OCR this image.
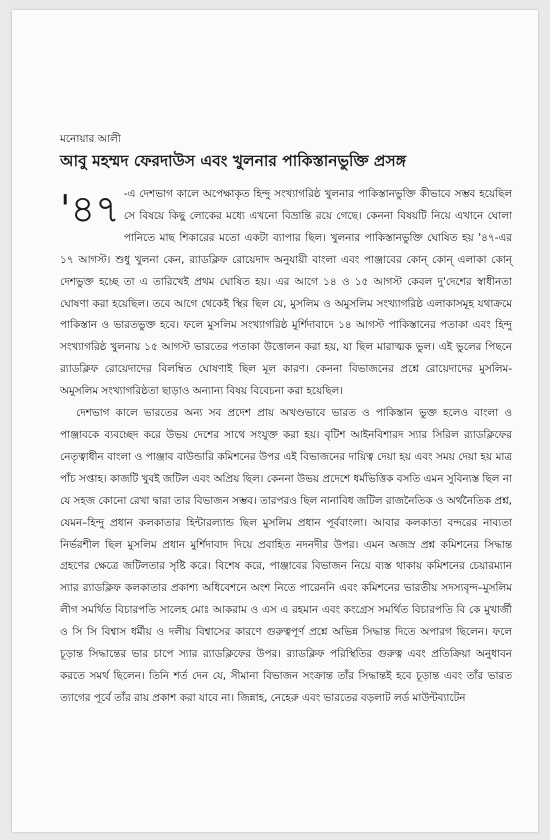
মনোয়ার আলী
আবু মহম্মদ ফেরদাউস এবং খুলনার পাকিস্তানভুক্তি প্রসঙ্গ

'৪৭ -এ দেশভাগ কালে অপেক্ষাকৃত হিন্দু সংখ্যাগরিষ্ঠ খুলনার পাকিস্তানভুক্তি কীভাবে সম্ভব হয়েছিল সে বিষয়ে কিছু লোকের মধ্যে এখনো বিভ্রান্তি রয়ে গেছে। কেননা বিষয়টি নিয়ে এখানে ঘোলা পানিতে মাছ শিকারের মতো একটা ব্যাপার ছিল। খুলনার পাকিস্তানভুক্তি ঘোষিত হয় '৪৭-এর ১৭ আগস্ট। শুধু খুলনা কেন, র‍্যাডক্লিফ রোয়েদাদ অনুযায়ী বাংলা এবং পাঞ্জাবের কোন্ কোন্ এলাকা কোন্ দেশভুক্ত হচ্ছে তা এ তারিখেই প্রথম ঘোষিত হয়। এর আগে ১৪ ও ১৫ আগস্ট কেবল দু'দেশের স্বাধীনতা ঘোষণা করা হয়েছিল। তবে আগে থেকেই স্থির ছিল যে, মুসলিম ও অমুসলিম সংখ্যাগরিষ্ঠ এলাকাসমূহ যথাক্রমে পাকিস্তান ও ভারতভুক্ত হবে। ফলে মুসলিম সংখ্যাগরিষ্ঠ মুর্শিদাবাদে ১৪ আগস্ট পাকিস্তানের পতাকা এবং হিন্দু সংখ্যাগরিষ্ঠ খুলনায় ১৫ আগস্ট ভারতের পতাকা উত্তোলন করা হয়, যা ছিল মারাত্মক ভুল। এই ভুলের পিছনে র‍্যাডক্লিফ রোয়েদাদের বিলম্বিত ঘোষণাই ছিল মূল কারণ। কেননা বিভাজনের প্রশ্নে রোয়েদাদের মুসলিম-অমুসলিম সংখ্যাগরিষ্ঠতা ছাড়াও অন্যান্য বিষয় বিবেচনা করা হয়েছিল।

দেশভাগ কালে ভারতের অন্য সব প্রদেশ প্রায় অখণ্ডভাবে ভারত ও পাকিস্তান ভুক্ত হলেও বাংলা ও পাঞ্জাবকে ব্যবচ্ছেদ করে উভয় দেশের সাথে সংযুক্ত করা হয়। বৃটিশ আইনবিশারদ স্যার সিরিল র‍্যাডক্লিফের নেতৃত্বাধীন বাংলা ও পাঞ্জাব বাউন্ডারি কমিশনের উপর এই বিভাজনের দায়িত্ব দেয়া হয় এবং সময় দেয়া হয় মাত্র পাঁচ সপ্তাহ। কাজটি খুবই জটিল এবং অপ্রিয় ছিল। কেননা উভয় প্রদেশে ধর্মভিত্তিক বসতি এমন সুবিন্যস্ত ছিল না যে সহজ কোনো রেখা দ্বারা তার বিভাজন সম্ভব। তারপরও ছিল নানাবিধ জটিল রাজনৈতিক ও অর্থনৈতিক প্রশ্ন, যেমন–হিন্দু প্রধান কলকাতার হিন্টারল্যান্ড ছিল মুসলিম প্রধান পূর্ববাংলা। আবার কলকাতা বন্দরের নাব্যতা নির্ভরশীল ছিল মুসলিম প্রধান মুর্শিদাবাদ দিয়ে প্রবাহিত নদনদীর উপর। এমন অজস্র প্রশ্ন কমিশনের সিদ্ধান্ত গ্রহণের ক্ষেত্রে জটিলতার সৃষ্টি করে। বিশেষ করে, পাঞ্জাবের বিভাজন নিয়ে ব্যস্ত থাকায় কমিশনের চেয়ারম্যান স্যার র‍্যাডক্লিফ কলকাতার প্রকাশ্য অধিবেশনে অংশ নিতে পারেননি এবং কমিশনের ভারতীয় সদস্যবৃন্দ–মুসলিম লীগ সমর্থিত বিচারপতি সালেহ মোঃ আকরাম ও এস এ রহমান এবং কংগ্রেস সমর্থিত বিচারপতি বি কে মুখার্জী ও সি সি বিশ্বাস ধর্মীয় ও দলীয় বিশ্বাসের কারণে গুরুত্বপূর্ণ প্রশ্নে অভিন্ন সিদ্ধান্ত দিতে অপারগ ছিলেন। ফলে চূড়ান্ত সিদ্ধান্তের ভার চাপে স্যার র‍্যাডক্লিফের উপর। র‍্যাডক্লিফ পরিস্থিতির গুরুত্ব এবং প্রতিক্রিয়া অনুধাবন করতে সমর্থ ছিলেন। তিনি শর্ত দেন যে, সীমানা বিভাজন সংক্রান্ত তাঁর সিদ্ধান্তই হবে চূড়ান্ত এবং তাঁর ভারত ত্যাগের পূর্বে তাঁর রায় প্রকাশ করা যাবে না। জিন্নাহ, নেহেরু এবং ভারতের বড়লাট লর্ড মাউন্টব্যাটেন
